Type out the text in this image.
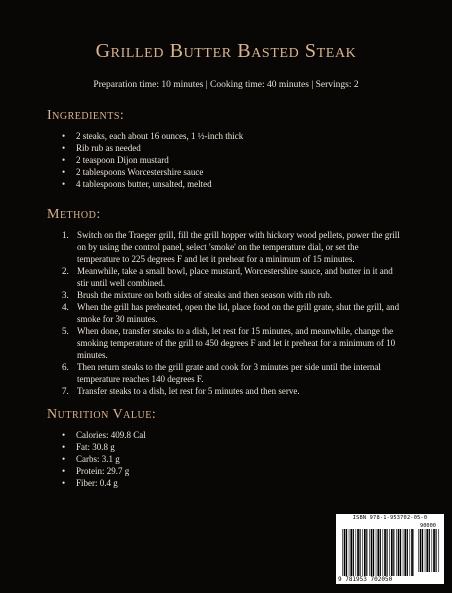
Grilled Butter Basted Steak
Preparation time: 10 minutes | Cooking time: 40 minutes | Servings: 2
Ingredients:
• 2 steaks, each about 16 ounces, 1 ½-inch thick
• Rib rub as needed
• 2 teaspoon Dijon mustard
• 2 tablespoons Worcestershire sauce
• 4 tablespoons butter, unsalted, melted
Method:
1. Switch on the Traeger grill, fill the grill hopper with hickory wood pellets, power the grill on by using the control panel, select 'smoke' on the temperature dial, or set the temperature to 225 degrees F and let it preheat for a minimum of 15 minutes.
2. Meanwhile, take a small bowl, place mustard, Worcestershire sauce, and butter in it and stir until well combined.
3. Brush the mixture on both sides of steaks and then season with rib rub.
4. When the grill has preheated, open the lid, place food on the grill grate, shut the grill, and smoke for 30 minutes.
5. When done, transfer steaks to a dish, let rest for 15 minutes, and meanwhile, change the smoking temperature of the grill to 450 degrees F and let it preheat for a minimum of 10 minutes.
6. Then return steaks to the grill grate and cook for 3 minutes per side until the internal temperature reaches 140 degrees F.
7. Transfer steaks to a dish, let rest for 5 minutes and then serve.
Nutrition Value:
• Calories: 409.8 Cal
• Fat: 30.8 g
• Carbs: 3.1 g
• Protein: 29.7 g
• Fiber: 0.4 g
ISBN 978-1-953702-05-0
90000
9 781953 702050
